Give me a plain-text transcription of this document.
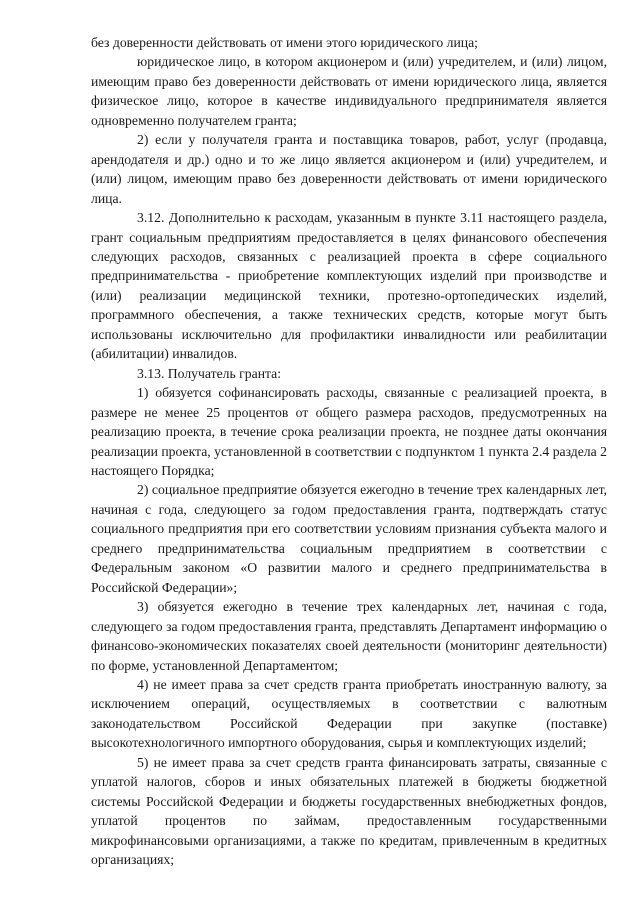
без доверенности действовать от имени этого юридического лица;

юридическое лицо, в котором акционером и (или) учредителем, и (или) лицом, имеющим право без доверенности действовать от имени юридического лица, является физическое лицо, которое в качестве индивидуального предпринимателя является одновременно получателем гранта;

2) если у получателя гранта и поставщика товаров, работ, услуг (продавца, арендодателя и др.) одно и то же лицо является акционером и (или) учредителем, и (или) лицом, имеющим право без доверенности действовать от имени юридического лица.

3.12. Дополнительно к расходам, указанным в пункте 3.11 настоящего раздела, грант социальным предприятиям предоставляется в целях финансового обеспечения следующих расходов, связанных с реализацией проекта в сфере социального предпринимательства - приобретение комплектующих изделий при производстве и (или) реализации медицинской техники, протезно-ортопедических изделий, программного обеспечения, а также технических средств, которые могут быть использованы исключительно для профилактики инвалидности или реабилитации (абилитации) инвалидов.

3.13. Получатель гранта:

1) обязуется софинансировать расходы, связанные с реализацией проекта, в размере не менее 25 процентов от общего размера расходов, предусмотренных на реализацию проекта, в течение срока реализации проекта, не позднее даты окончания реализации проекта, установленной в соответствии с подпунктом 1 пункта 2.4 раздела 2 настоящего Порядка;

2) социальное предприятие обязуется ежегодно в течение трех календарных лет, начиная с года, следующего за годом предоставления гранта, подтверждать статус социального предприятия при его соответствии условиям признания субъекта малого и среднего предпринимательства социальным предприятием в соответствии с Федеральным законом «О развитии малого и среднего предпринимательства в Российской Федерации»;

3) обязуется ежегодно в течение трех календарных лет, начиная с года, следующего за годом предоставления гранта, представлять Департамент информацию о финансово-экономических показателях своей деятельности (мониторинг деятельности) по форме, установленной Департаментом;

4) не имеет права за счет средств гранта приобретать иностранную валюту, за исключением операций, осуществляемых в соответствии с валютным законодательством Российской Федерации при закупке (поставке) высокотехнологичного импортного оборудования, сырья и комплектующих изделий;

5) не имеет права за счет средств гранта финансировать затраты, связанные с уплатой налогов, сборов и иных обязательных платежей в бюджеты бюджетной системы Российской Федерации и бюджеты государственных внебюджетных фондов, уплатой процентов по займам, предоставленным государственными микрофинансовыми организациями, а также по кредитам, привлеченным в кредитных организациях;
